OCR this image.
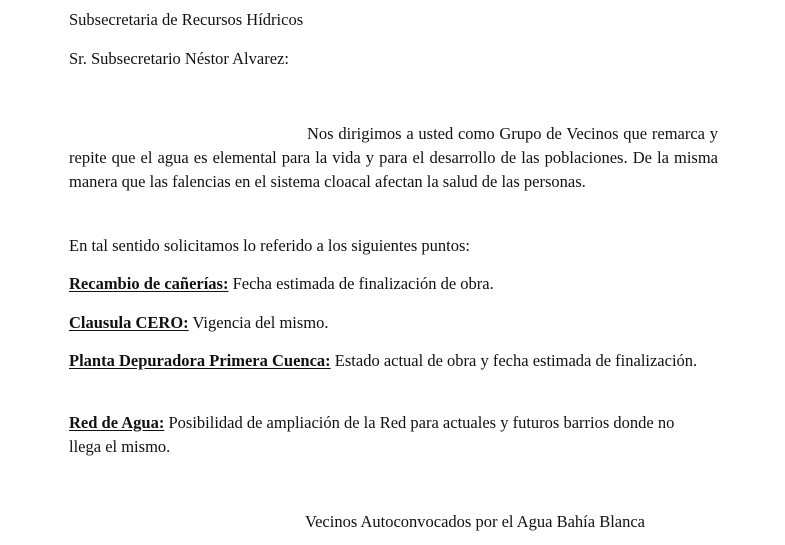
Subsecretaria de Recursos Hídricos
Sr. Subsecretario Néstor Alvarez:
Nos dirigimos a usted como Grupo de Vecinos que remarca y repite que el agua es elemental para la vida y para el desarrollo de las poblaciones. De la misma manera que las falencias en el sistema cloacal afectan la salud de las personas.
En tal sentido solicitamos lo referido a los siguientes puntos:
Recambio de cañerías: Fecha estimada de finalización de obra.
Clausula CERO: Vigencia del mismo.
Planta Depuradora Primera Cuenca: Estado actual de obra y fecha estimada de finalización.
Red de Agua: Posibilidad de ampliación de la Red para actuales y futuros barrios donde no llega el mismo.
Vecinos Autoconvocados por el Agua Bahía Blanca
